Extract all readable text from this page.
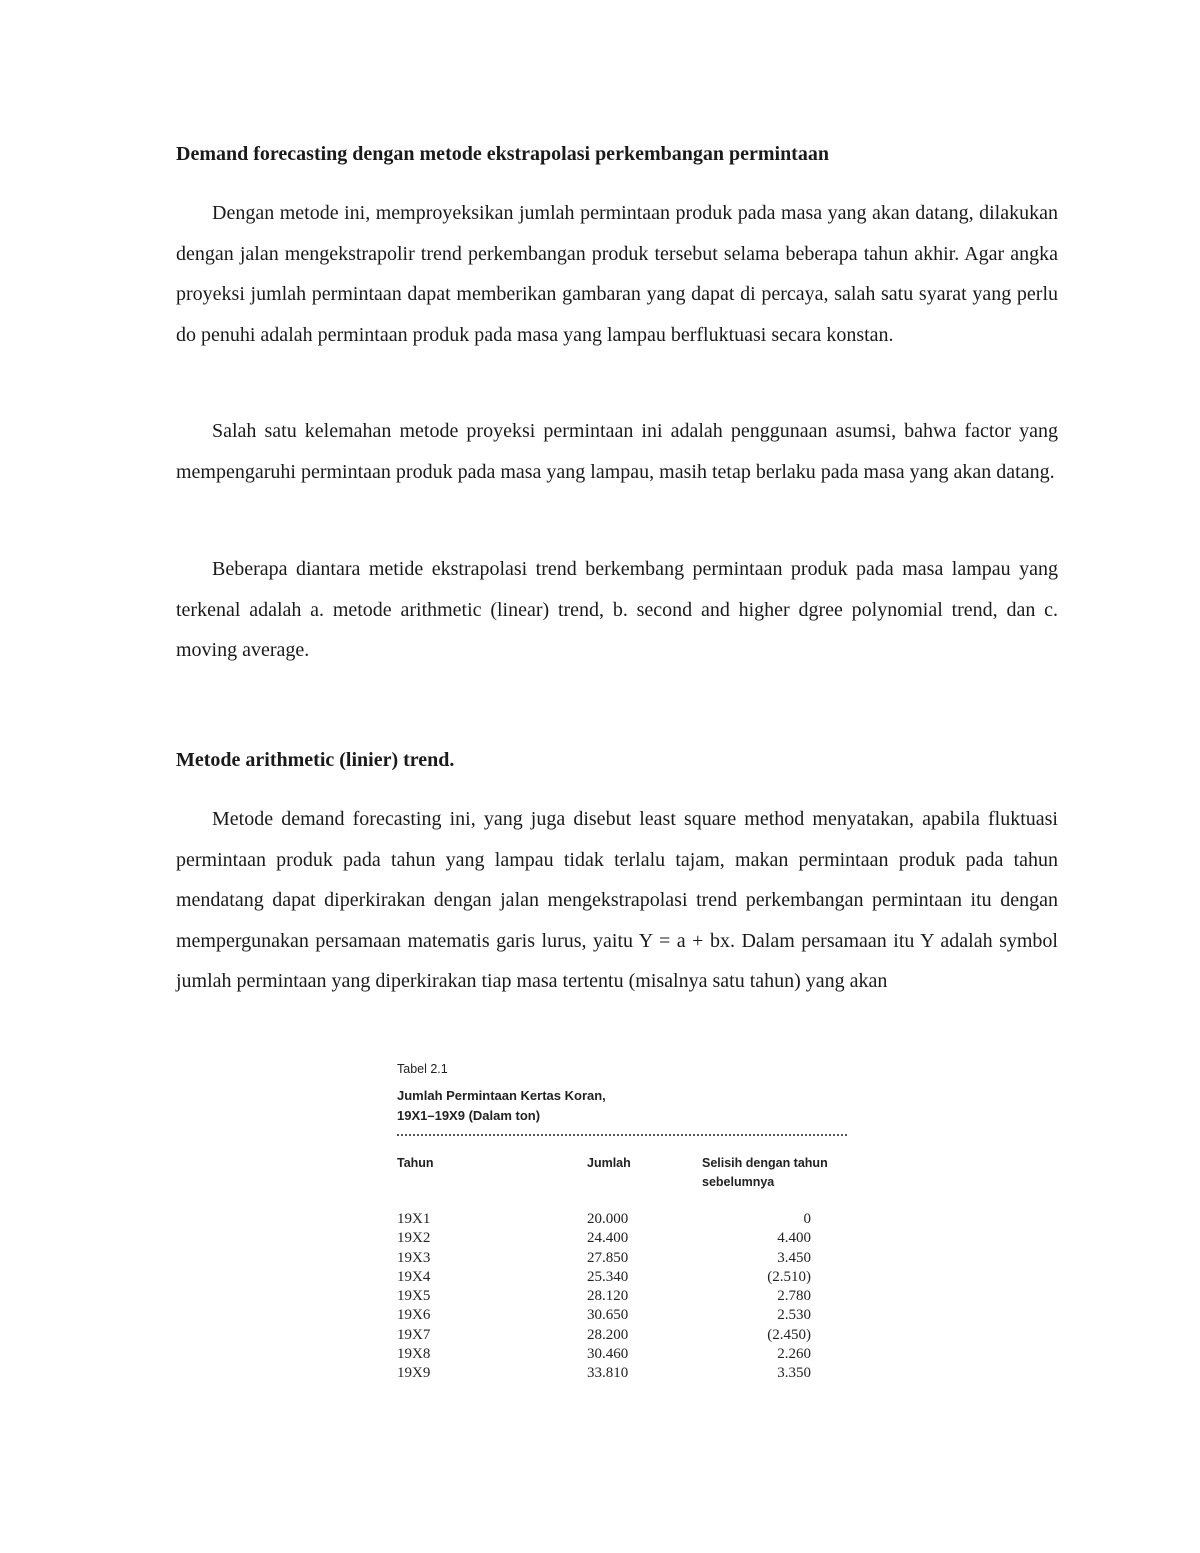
Demand forecasting dengan metode ekstrapolasi perkembangan permintaan

Dengan metode ini, memproyeksikan jumlah permintaan produk pada masa yang akan datang, dilakukan dengan jalan mengekstrapolir trend perkembangan produk tersebut selama beberapa tahun akhir. Agar angka proyeksi jumlah permintaan dapat memberikan gambaran yang dapat di percaya, salah satu syarat yang perlu do penuhi adalah permintaan produk pada masa yang lampau berfluktuasi secara konstan.

Salah satu kelemahan metode proyeksi permintaan ini adalah penggunaan asumsi, bahwa factor yang mempengaruhi permintaan produk pada masa yang lampau, masih tetap berlaku pada masa yang akan datang.

Beberapa diantara metide ekstrapolasi trend berkembang permintaan produk pada masa lampau yang terkenal adalah a. metode arithmetic (linear) trend, b. second and higher dgree polynomial trend, dan c. moving average.

Metode arithmetic (linier) trend.

Metode demand forecasting ini, yang juga disebut least square method menyatakan, apabila fluktuasi permintaan produk pada tahun yang lampau tidak terlalu tajam, makan permintaan produk pada tahun mendatang dapat diperkirakan dengan jalan mengekstrapolasi trend perkembangan permintaan itu dengan mempergunakan persamaan matematis garis lurus, yaitu Y = a + bx. Dalam persamaan itu Y adalah symbol jumlah permintaan yang diperkirakan tiap masa tertentu (misalnya satu tahun) yang akan

Tabel 2.1

Jumlah Permintaan Kertas Koran,

19X1–19X9 (Dalam ton)

Tahun	Jumlah	Selisih dengan tahun sebelumnya
19X1	20.000	0
19X2	24.400	4.400
19X3	27.850	3.450
19X4	25.340	(2.510)
19X5	28.120	2.780
19X6	30.650	2.530
19X7	28.200	(2.450)
19X8	30.460	2.260
19X9	33.810	3.350
